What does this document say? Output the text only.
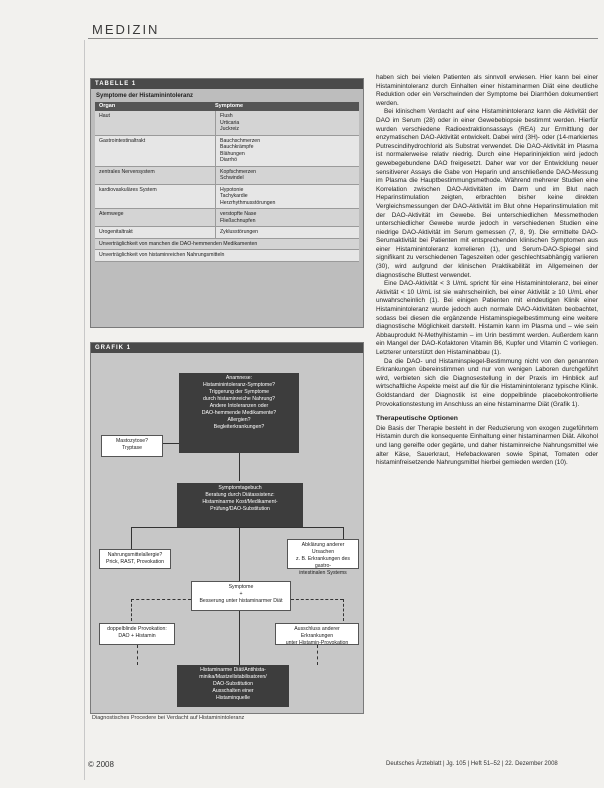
MEDIZIN
TABELLE 1
Symptome der Histaminintoleranz
Organ	Symptome
Haut	Flush
Urticaria
Juckreiz
Gastrointestinaltrakt	Bauchschmerzen
Bauchkrämpfe
Blähungen
Diarrhö
zentrales Nervensystem	Kopfschmerzen
Schwindel
kardiovaskuläres System	Hypotonie
Tachykardie
Herzrhythmusstörungen
Atemwege	verstopfte Nase
Fließschnupfen
Urogenitaltrakt	Zyklusstörungen
Unverträglichkeit von manchen die DAO-hemmenden Medikamenten
Unverträglichkeit von histaminreichen Nahrungsmitteln
GRAFIK 1
Anamnese:
Histaminintoleranz-Symptome?
Triggerung der Symptome
durch histaminreiche Nahrung?
Andere Intoleranzen oder
DAO-hemmende Medikamente?
Allergien?
Begleiterkrankungen?
Mastozytose?
Tryptase
Symptomtagebuch
Beratung durch Diätassistenz:
Histaminarme Kost/Medikament-
Prüfung/DAO-Substitution
Nahrungsmittelallergie?
Prick, RAST, Provokation
Abklärung anderer Ursachen
z. B. Erkrankungen des gastro-
intestinalen Systems
Symptome
+
Besserung unter histaminarmer Diät
doppelblinde Provokation:
DAO + Histamin
Ausschluss anderer Erkrankungen
unter Histamin-Provokation
Histaminarme Diät/Antihista-
minika/Mastzellstabilisatoren/
DAO-Substitution
Ausschalten einer
Histaminquelle
Diagnostisches Procedere bei Verdacht auf Histaminintoleranz

haben sich bei vielen Patienten als sinnvoll erwiesen. Hier kann bei einer Histaminintoleranz durch Einhalten einer histaminarmen Diät eine deutliche Reduktion oder ein Verschwinden der Symptome bei Diarrhöen dokumentiert werden.

Bei klinischem Verdacht auf eine Histaminintoleranz kann die Aktivität der DAO im Serum (28) oder in einer Gewebebiopsie bestimmt werden. Hierfür wurden verschiedene Radioextraktionsassays (REA) zur Ermittlung der enzymatischen DAO-Aktivität entwickelt. Dabei wird (3H)- oder (14-markiertes Putrescindihydrochlorid als Substrat verwendet. Die DAO-Aktivität im Plasma ist normalerweise relativ niedrig. Durch eine Heparininjektion wird jedoch gewebegebundene DAO freigesetzt. Daher war vor der Entwicklung neuer sensitiverer Assays die Gabe von Heparin und anschließende DAO-Messung im Plasma die Hauptbestimmungsmethode. Während mehrerer Studien eine Korrelation zwischen DAO-Aktivitäten im Darm und im Blut nach Heparinstimulation zeigten, erbrachten bisher keine direkten Vergleichsmessungen der DAO-Aktivität im Blut ohne Heparinstimulation mit der DAO-Aktivität im Gewebe. Bei unterschiedlichen Messmethoden unterschiedlicher Gewebe wurde jedoch in verschiedenen Studien eine niedrige DAO-Aktivität im Serum gemessen (7, 8, 9). Die ermittelte DAO-Serumaktivität bei Patienten mit entsprechenden klinischen Symptomen aus einer Histaminintoleranz korrelieren (1), und Serum-DAO-Spiegel sind signifikant zu verschiedenen Tageszeiten oder geschlechtsabhängig variieren (30), wird aufgrund der klinischen Praktikabilität im Allgemeinen der diagnostische Bluttest verwendet.

Eine DAO-Aktivität < 3 U/mL spricht für eine Histaminintoleranz, bei einer Aktivität < 10 U/mL ist sie wahrscheinlich, bei einer Aktivität ≥ 10 U/mL eher unwahrscheinlich (1). Bei einigen Patienten mit eindeutigen Klinik einer Histaminintoleranz wurde jedoch auch normale DAO-Aktivitäten beobachtet, sodass bei diesen die ergänzende Histaminspiegelbestimmung eine weitere diagnostische Möglichkeit darstellt. Histamin kann im Plasma und – wie sein Abbauprodukt N-Methylhistamin – im Urin bestimmt werden. Außerdem kann ein Mangel der DAO-Kofaktoren Vitamin B6, Kupfer und Vitamin C vorliegen. Letzterer unterstützt den Histaminabbau (1).

Da die DAO- und Histaminspiegel-Bestimmung nicht von den genannten Erkrankungen übereinstimmen und nur von wenigen Laboren durchgeführt wird, verbieten sich die Diagnosestellung in der Praxis im Hinblick auf wirtschaftliche Aspekte meist auf die für die Histaminintoleranz typische Klinik. Goldstandard der Diagnostik ist eine doppelblinde placebokontrollierte Provokationstestung im Anschluss an eine histaminarme Diät (Grafik 1).

Therapeutische Optionen

Die Basis der Therapie besteht in der Reduzierung von exogen zugeführtem Histamin durch die konsequente Einhaltung einer histaminarmen Diät. Alkohol und lang gereifte oder gegärte, und daher histaminreiche Nahrungsmittel wie alter Käse, Sauerkraut, Hefebackwaren sowie Spinat, Tomaten oder histaminfreisetzende Nahrungsmittel hierbei gemieden werden (10).

© 2008	Deutsches Ärzteblatt | Jg. 105 | Heft 51–52 | 22. Dezember 2008
